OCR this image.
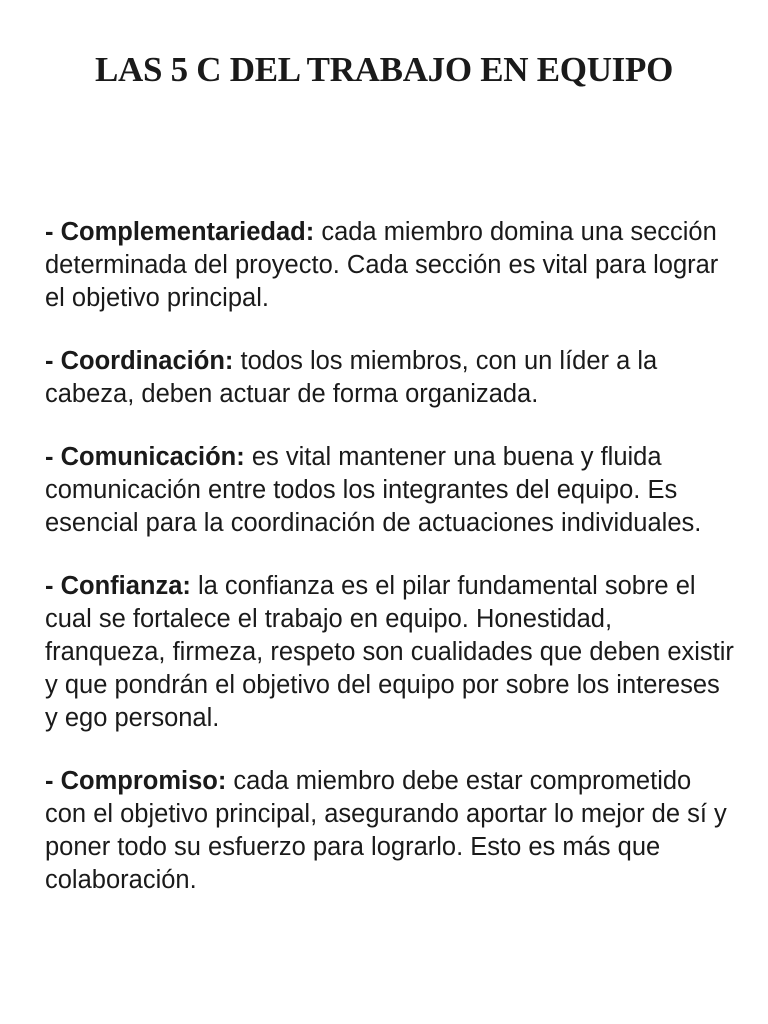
LAS 5 C DEL TRABAJO EN EQUIPO

- Complementariedad: cada miembro domina una sección determinada del proyecto. Cada sección es vital para lograr el objetivo principal.

- Coordinación: todos los miembros, con un líder a la cabeza, deben actuar de forma organizada.

- Comunicación: es vital mantener una buena y fluida comunicación entre todos los integrantes del equipo. Es esencial para la coordinación de actuaciones individuales.

- Confianza: la confianza es el pilar fundamental sobre el cual se fortalece el trabajo en equipo. Honestidad, franqueza, firmeza, respeto son cualidades que deben existir y que pondrán el objetivo del equipo por sobre los intereses y ego personal.

- Compromiso: cada miembro debe estar comprometido con el objetivo principal, asegurando aportar lo mejor de sí y poner todo su esfuerzo para lograrlo. Esto es más que colaboración.
